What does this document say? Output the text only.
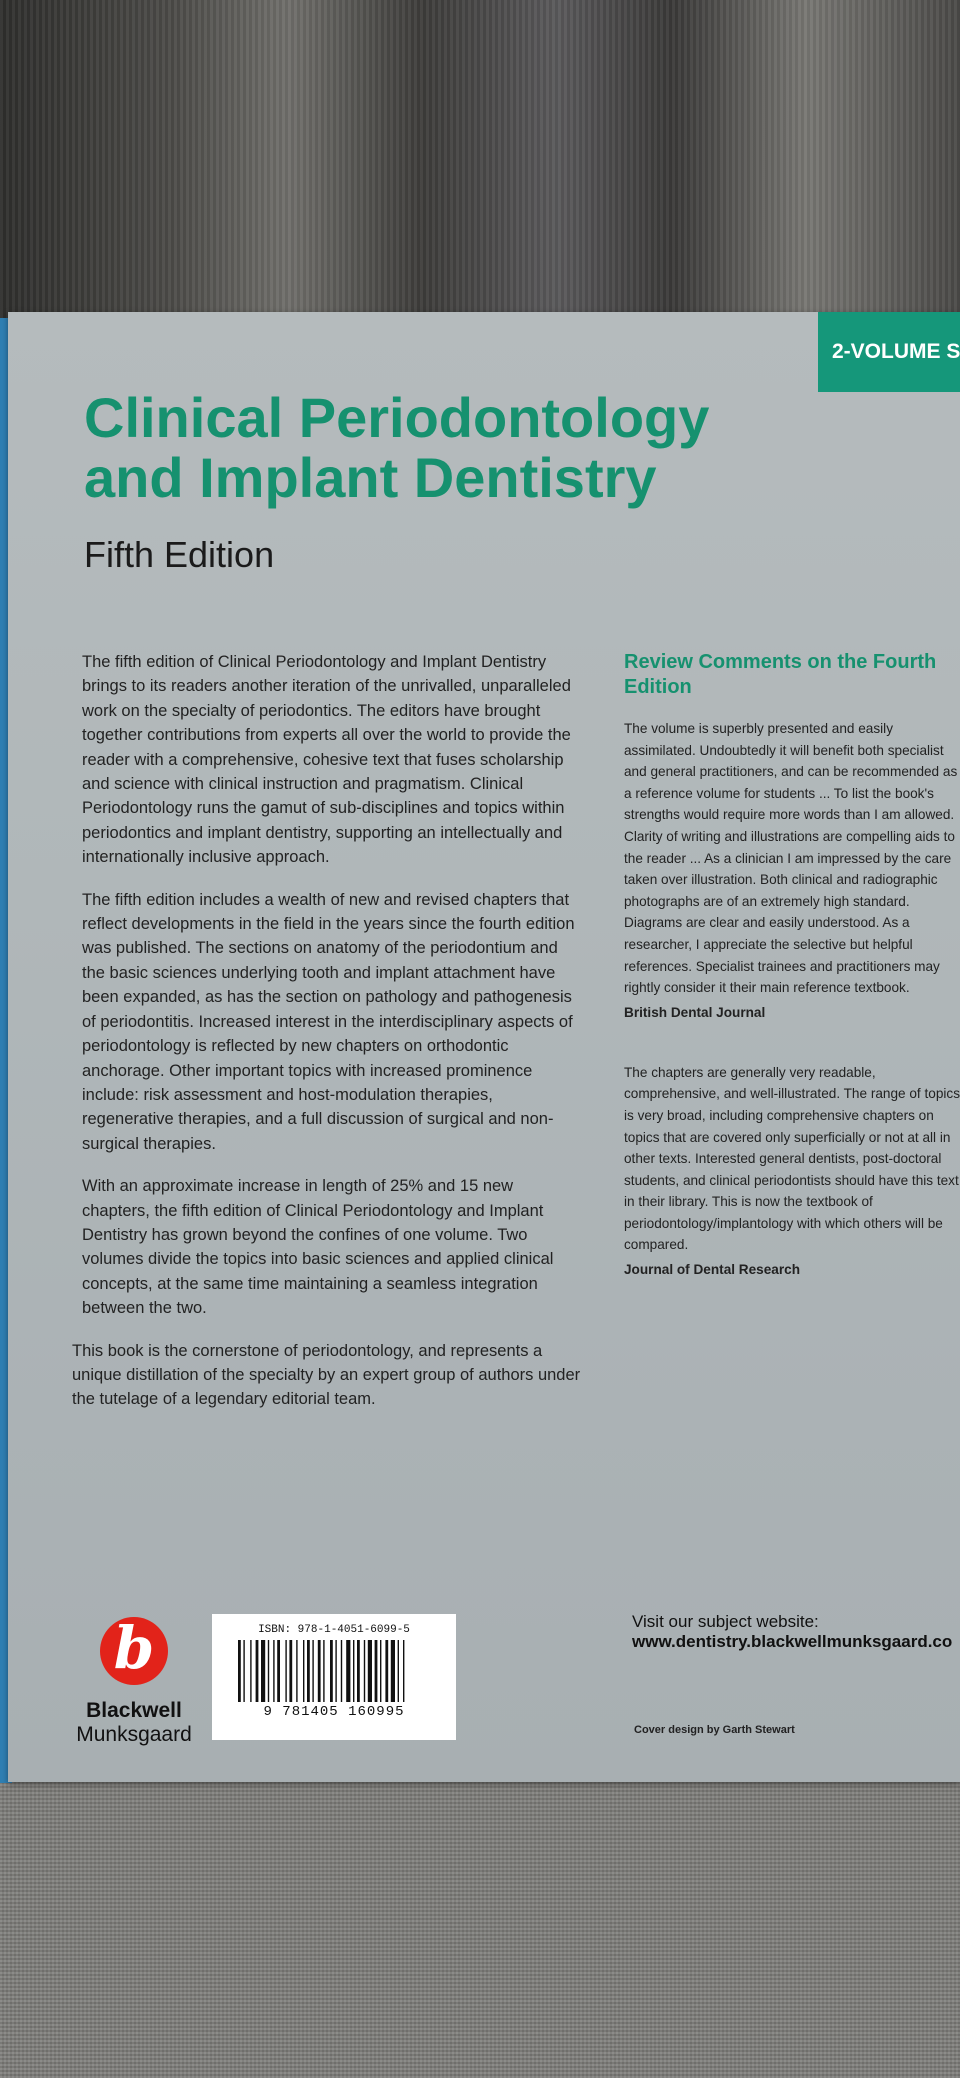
2-VOLUME S
Clinical Periodontology
and Implant Dentistry
Fifth Edition

The fifth edition of Clinical Periodontology and Implant Dentistry brings to its readers another iteration of the unrivalled, unparalleled work on the specialty of periodontics. The editors have brought together contributions from experts all over the world to provide the reader with a comprehensive, cohesive text that fuses scholarship and science with clinical instruction and pragmatism. Clinical Periodontology runs the gamut of sub-disciplines and topics within periodontics and implant dentistry, supporting an intellectually and internationally inclusive approach.

The fifth edition includes a wealth of new and revised chapters that reflect developments in the field in the years since the fourth edition was published. The sections on anatomy of the periodontium and the basic sciences underlying tooth and implant attachment have been expanded, as has the section on pathology and pathogenesis of periodontitis. Increased interest in the interdisciplinary aspects of periodontology is reflected by new chapters on orthodontic anchorage. Other important topics with increased prominence include: risk assessment and host-modulation therapies, regenerative therapies, and a full discussion of surgical and non-surgical therapies.

With an approximate increase in length of 25% and 15 new chapters, the fifth edition of Clinical Periodontology and Implant Dentistry has grown beyond the confines of one volume. Two volumes divide the topics into basic sciences and applied clinical concepts, at the same time maintaining a seamless integration between the two.

This book is the cornerstone of periodontology, and represents a unique distillation of the specialty by an expert group of authors under the tutelage of a legendary editorial team.

Review Comments on the Fourth Edition

The volume is superbly presented and easily assimilated. Undoubtedly it will benefit both specialist and general practitioners, and can be recommended as a reference volume for students ... To list the book's strengths would require more words than I am allowed. Clarity of writing and illustrations are compelling aids to the reader ... As a clinician I am impressed by the care taken over illustration. Both clinical and radiographic photographs are of an extremely high standard. Diagrams are clear and easily understood. As a researcher, I appreciate the selective but helpful references. Specialist trainees and practitioners may rightly consider it their main reference textbook.

British Dental Journal

The chapters are generally very readable, comprehensive, and well-illustrated. The range of topics is very broad, including comprehensive chapters on topics that are covered only superficially or not at all in other texts. Interested general dentists, post-doctoral students, and clinical periodontists should have this text in their library. This is now the textbook of periodontology/implantology with which others will be compared.

Journal of Dental Research

b
Blackwell
Munksgaard
ISBN: 978-1-4051-6099-5
9 781405 160995
Visit our subject website:
www.dentistry.blackwellmunksgaard.co
Cover design by Garth Stewart
